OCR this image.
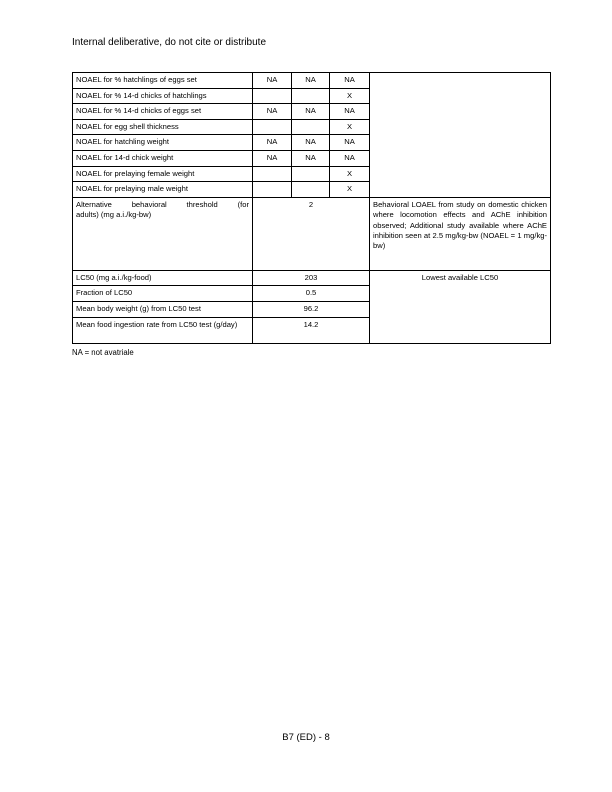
Internal deliberative, do not cite or distribute
NOAEL for % hatchlings of eggs set	NA	NA	NA	
NOAEL for % 14-d chicks of hatchlings			X	
NOAEL for % 14-d chicks of eggs set	NA	NA	NA	
NOAEL for egg shell thickness			X	
NOAEL for hatchling weight	NA	NA	NA	
NOAEL for 14-d chick weight	NA	NA	NA	
NOAEL for prelaying female weight			X	
NOAEL for prelaying male weight			X	

Alternative behavioral threshold (for
adults) (mg a.i./kg-bw)	2			Behavioral LOAEL from study on domestic chicken where locomotion effects and AChE inhibition observed; Additional study available where AChE inhibition seen at 2.5 mg/kg-bw (NOAEL = 1 mg/kg-bw)
LC50 (mg a.i./kg-food)	203			Lowest available LC50
Fraction of LC50	0.5			
Mean body weight (g) from LC50 test	96.2			
Mean food ingestion rate from LC50 test (g/day)	14.2			
NA = not avatriale
B7 (ED) - 8
